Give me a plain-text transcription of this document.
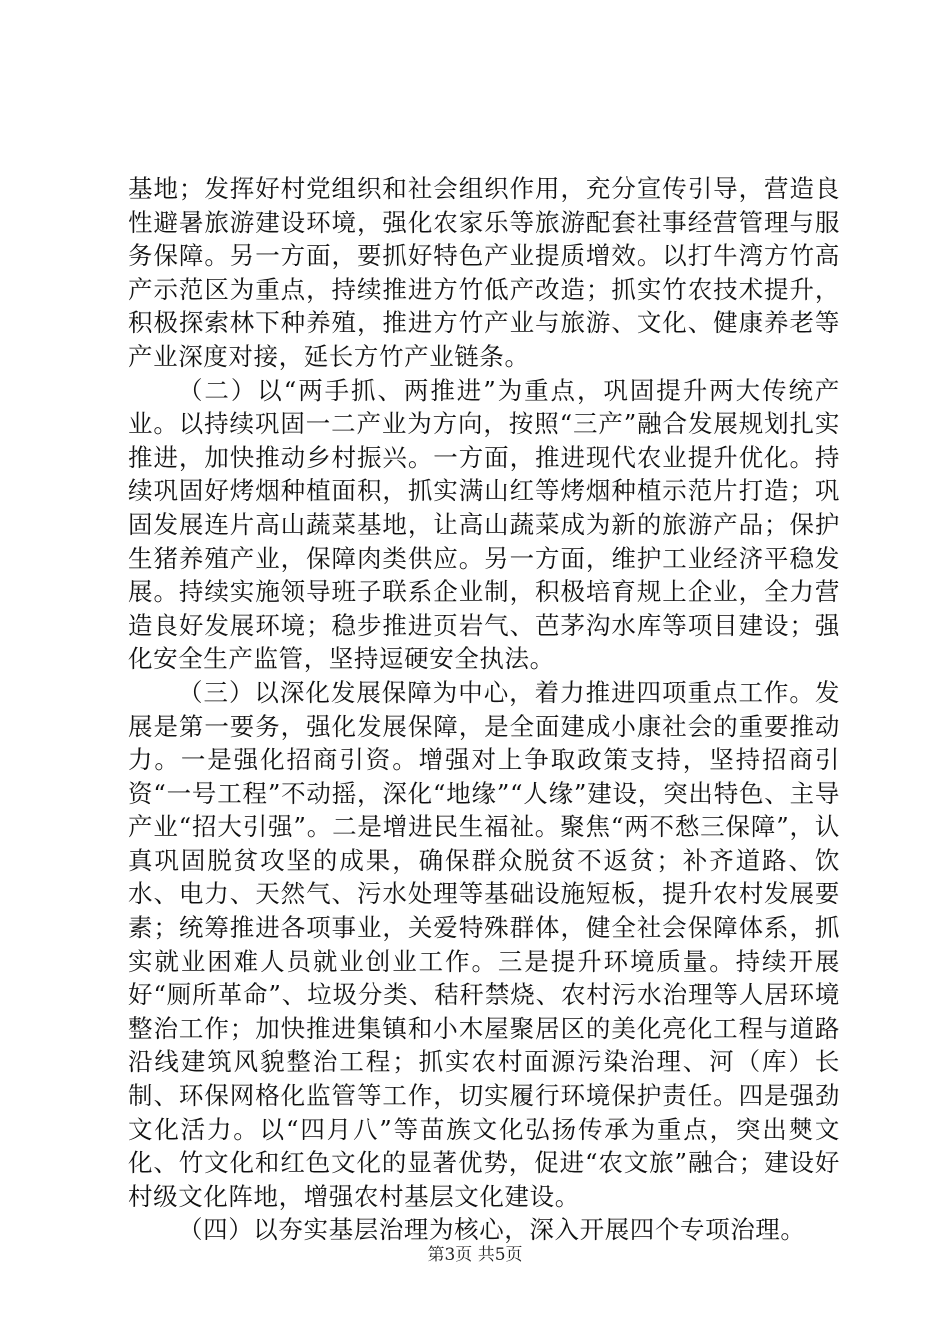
基地；发挥好村党组织和社会组织作用，充分宣传引导，营造良性避暑旅游建设环境，强化农家乐等旅游配套社事经营管理与服务保障。另一方面，要抓好特色产业提质增效。以打牛湾方竹高产示范区为重点，持续推进方竹低产改造；抓实竹农技术提升，积极探索林下种养殖，推进方竹产业与旅游、文化、健康养老等产业深度对接，延长方竹产业链条。

（二）以“两手抓、两推进”为重点，巩固提升两大传统产业。以持续巩固一二产业为方向，按照“三产”融合发展规划扎实推进，加快推动乡村振兴。一方面，推进现代农业提升优化。持续巩固好烤烟种植面积，抓实满山红等烤烟种植示范片打造；巩固发展连片高山蔬菜基地，让高山蔬菜成为新的旅游产品；保护生猪养殖产业，保障肉类供应。另一方面，维护工业经济平稳发展。持续实施领导班子联系企业制，积极培育规上企业，全力营造良好发展环境；稳步推进页岩气、芭茅沟水库等项目建设；强化安全生产监管，坚持逗硬安全执法。

（三）以深化发展保障为中心，着力推进四项重点工作。发展是第一要务，强化发展保障，是全面建成小康社会的重要推动力。一是强化招商引资。增强对上争取政策支持，坚持招商引资“一号工程”不动摇，深化“地缘”“人缘”建设，突出特色、主导产业“招大引强”。二是增进民生福祉。聚焦“两不愁三保障”，认真巩固脱贫攻坚的成果，确保群众脱贫不返贫；补齐道路、饮水、电力、天然气、污水处理等基础设施短板，提升农村发展要素；统筹推进各项事业，关爱特殊群体，健全社会保障体系，抓实就业困难人员就业创业工作。三是提升环境质量。持续开展好“厕所革命”、垃圾分类、秸秆禁烧、农村污水治理等人居环境整治工作；加快推进集镇和小木屋聚居区的美化亮化工程与道路沿线建筑风貌整治工程；抓实农村面源污染治理、河（库）长制、环保网格化监管等工作，切实履行环境保护责任。四是强劲文化活力。以“四月八”等苗族文化弘扬传承为重点，突出僰文化、竹文化和红色文化的显著优势，促进“农文旅”融合；建设好村级文化阵地，增强农村基层文化建设。

（四）以夯实基层治理为核心，深入开展四个专项治理。

第3页 共5页
